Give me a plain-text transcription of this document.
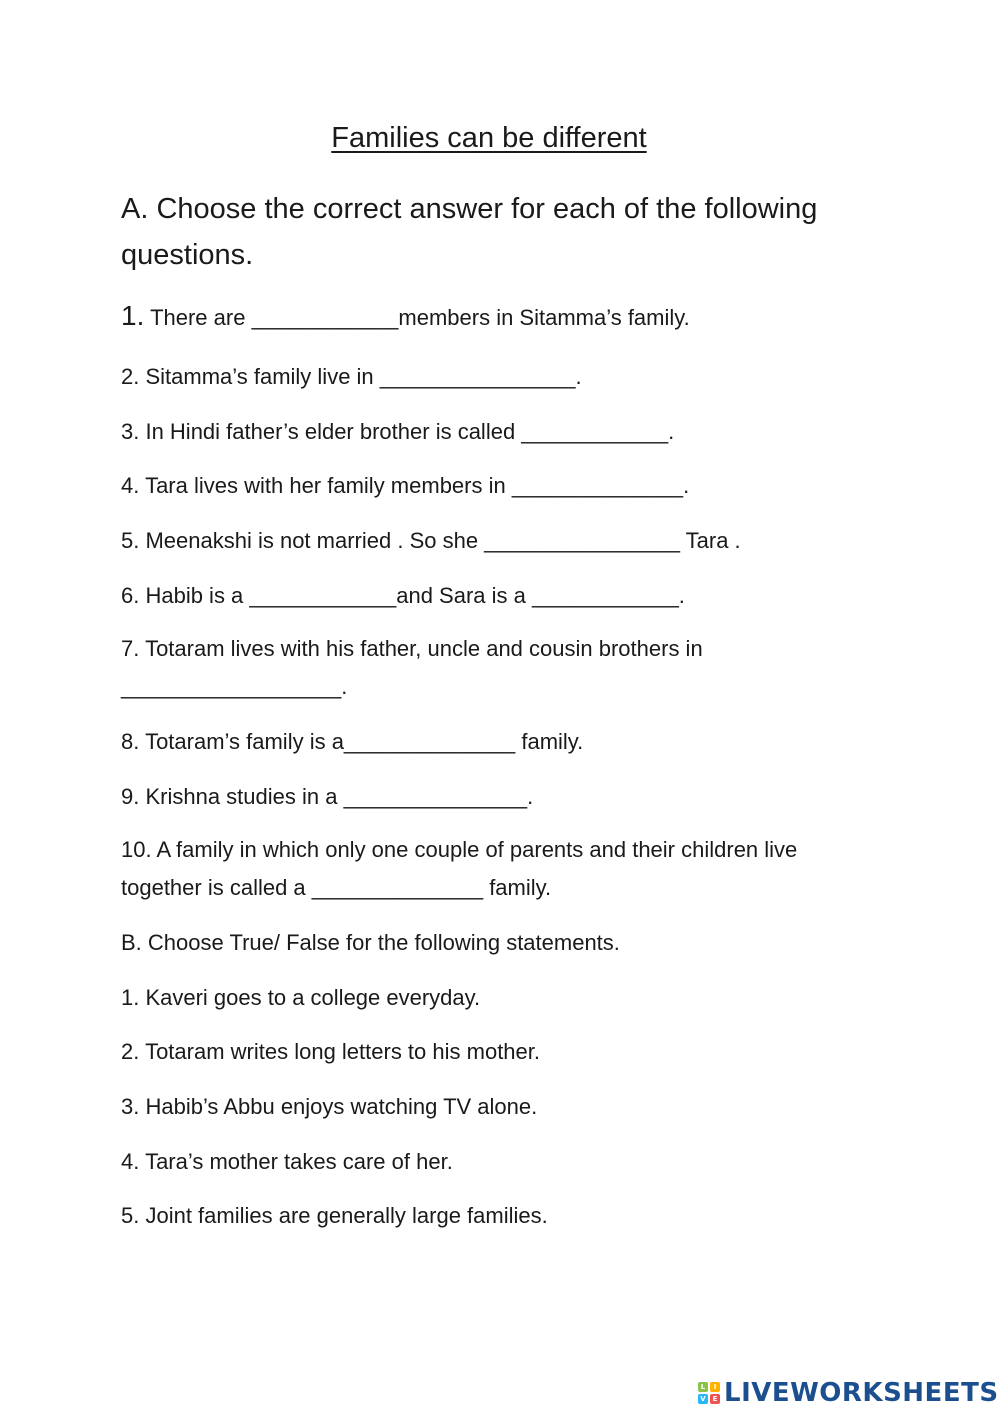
Families can be different
A. Choose the correct answer for each of the following questions.
1. There are ____________members in Sitamma’s family.
2. Sitamma’s family live in ________________.
3. In Hindi father’s elder brother is called ____________.
4. Tara lives with her family members in ______________.
5. Meenakshi is not married . So she ________________ Tara .
6. Habib is a ____________and Sara is a ____________.
7. Totaram lives with his father, uncle and cousin brothers in __________________.
8. Totaram’s family is a______________ family.
9. Krishna studies in a _______________.
10. A family in which only one couple of parents and their children live together is called a ______________ family.
B. Choose True/ False for the following statements.
1. Kaveri goes to a college everyday.
2. Totaram writes long letters to his mother.
3. Habib’s Abbu enjoys watching TV alone.
4. Tara’s mother takes care of her.
5. Joint families are generally large families.
L	I
V E LIVEWORKSHEETS
